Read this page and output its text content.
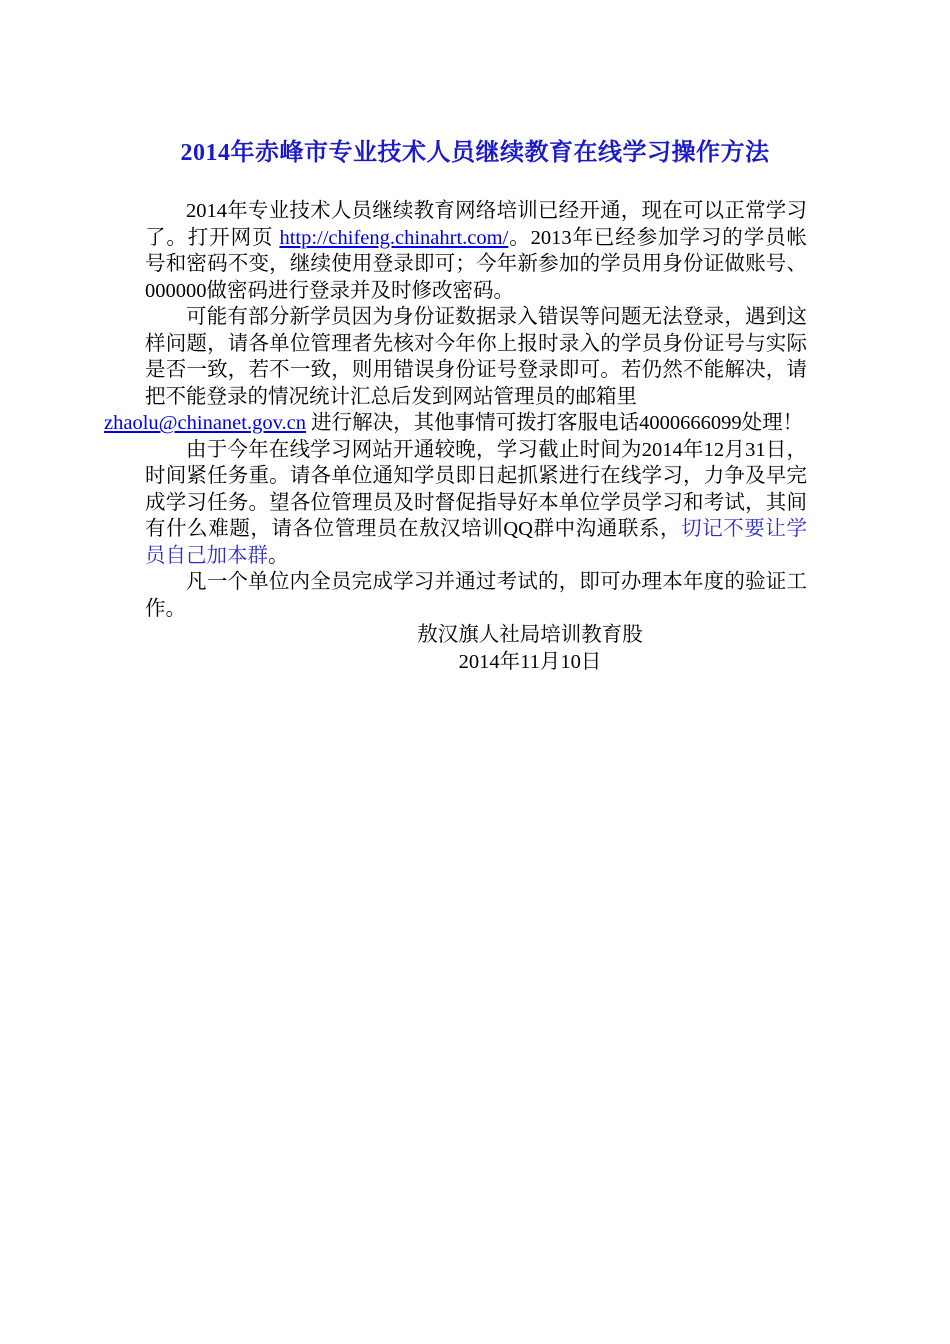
2014年赤峰市专业技术人员继续教育在线学习操作方法

2014年专业技术人员继续教育网络培训已经开通，现在可以正常学习了。打开网页 http://chifeng.chinahrt.com/。2013年已经参加学习的学员帐号和密码不变，继续使用登录即可；今年新参加的学员用身份证做账号、000000做密码进行登录并及时修改密码。

可能有部分新学员因为身份证数据录入错误等问题无法登录，遇到这样问题，请各单位管理者先核对今年你上报时录入的学员身份证号与实际是否一致，若不一致，则用错误身份证号登录即可。若仍然不能解决，请把不能登录的情况统计汇总后发到网站管理员的邮箱里
zhaolu@chinanet.gov.cn 进行解决，其他事情可拨打客服电话4000666099处理！

由于今年在线学习网站开通较晚，学习截止时间为2014年12月31日，时间紧任务重。请各单位通知学员即日起抓紧进行在线学习，力争及早完成学习任务。望各位管理员及时督促指导好本单位学员学习和考试，其间有什么难题，请各位管理员在敖汉培训QQ群中沟通联系，切记不要让学员自己加本群。

凡一个单位内全员完成学习并通过考试的，即可办理本年度的验证工作。

敖汉旗人社局培训教育股
2014年11月10日
